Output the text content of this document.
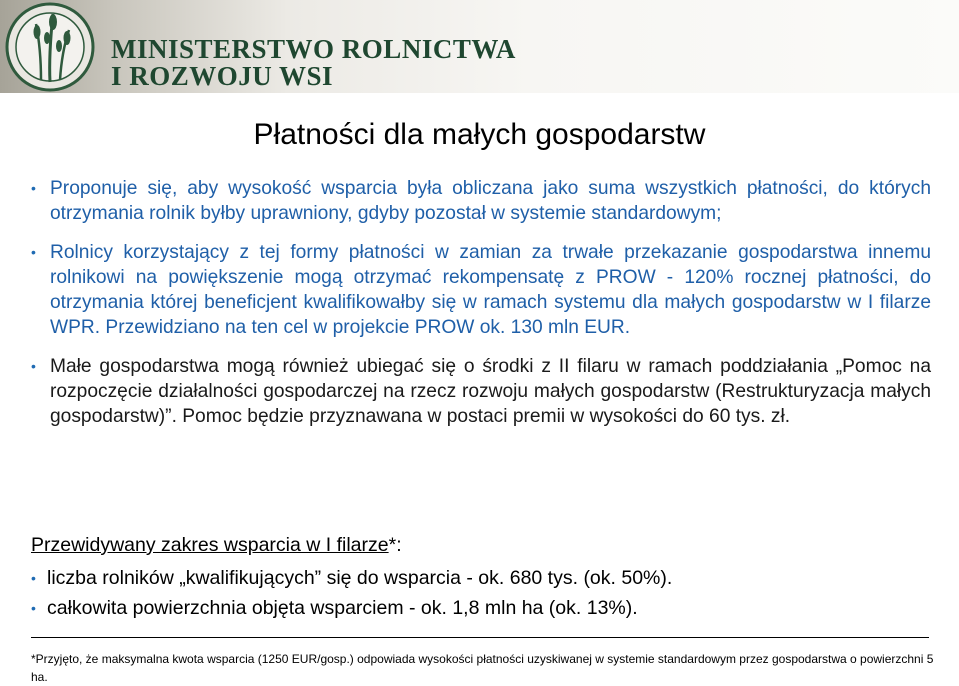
MINISTERSTWO ROLNICTWA
I ROZWOJU WSI
Płatności dla małych gospodarstw
• Proponuje się, aby wysokość wsparcia była obliczana jako suma wszystkich płatności, do których otrzymania rolnik byłby uprawniony, gdyby pozostał w systemie standardowym;
• Rolnicy korzystający z tej formy płatności w zamian za trwałe przekazanie gospodarstwa innemu rolnikowi na powiększenie mogą otrzymać rekompensatę z PROW - 120% rocznej płatności, do otrzymania której beneficjent kwalifikowałby się w ramach systemu dla małych gospodarstw w I filarze WPR. Przewidziano na ten cel w projekcie PROW ok. 130 mln EUR.
• Małe gospodarstwa mogą również ubiegać się o środki z II filaru w ramach poddziałania „Pomoc na rozpoczęcie działalności gospodarczej na rzecz rozwoju małych gospodarstw (Restrukturyzacja małych gospodarstw)”. Pomoc będzie przyznawana w postaci premii w wysokości do 60 tys. zł.
Przewidywany zakres wsparcia w I filarze*:
• liczba rolników „kwalifikujących” się do wsparcia - ok. 680 tys. (ok. 50%).
• całkowita powierzchnia objęta wsparciem - ok. 1,8 mln ha (ok. 13%).
*Przyjęto, że maksymalna kwota wsparcia (1250 EUR/gosp.) odpowiada wysokości płatności uzyskiwanej w systemie standardowym przez gospodarstwa o powierzchni 5 ha.
